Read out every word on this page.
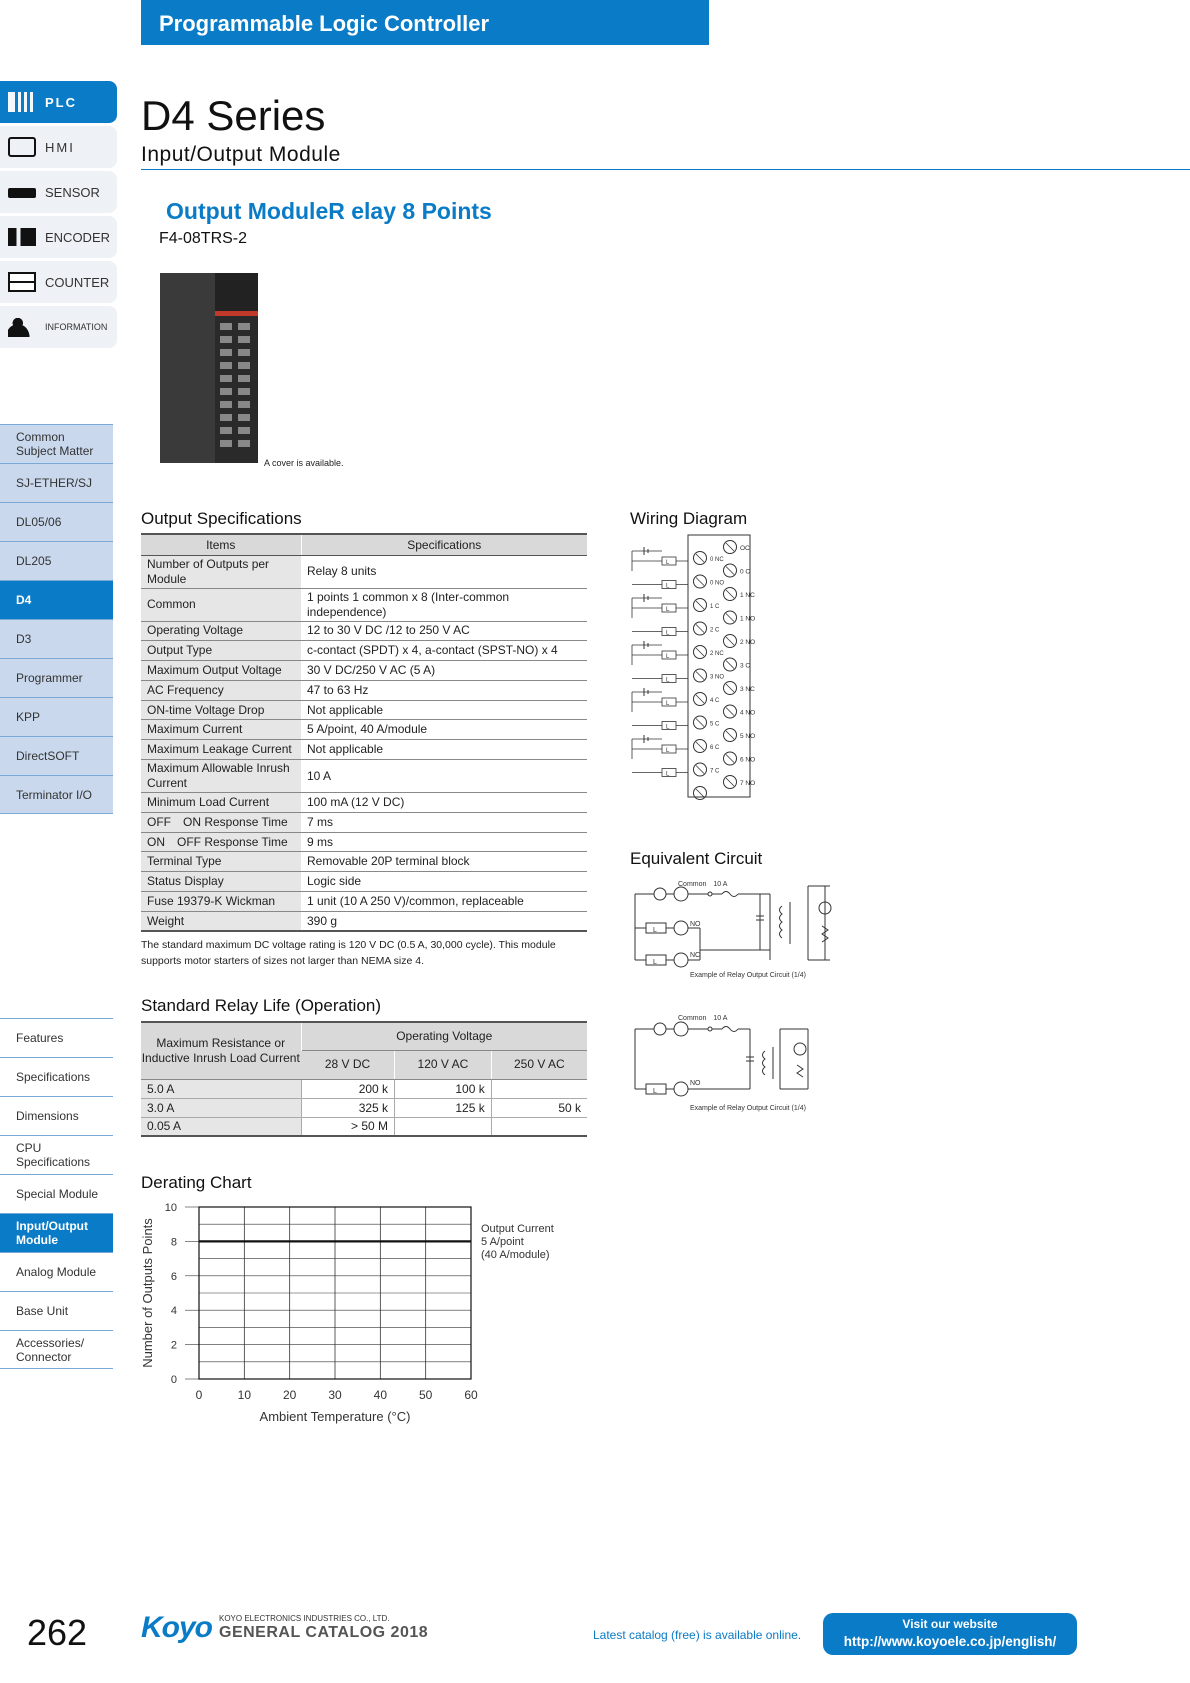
Programmable Logic Controller
PLC
HMI
SENSOR
ENCODER
COUNTER
INFORMATION
Common Subject Matter
SJ-ETHER/SJ
DL05/06
DL205
D4
D3
Programmer
KPP
DirectSOFT
Terminator I/O
Features
Specifications
Dimensions
CPU Specifications
Special Module
Input/Output Module
Analog Module
Base Unit
Accessories/ Connector
D4 Series
Input/Output Module
Output ModuleR elay 8 Points
F4-08TRS-2
A cover is available.
Output Specifications
Items	Specifications
Number of Outputs per Module	Relay 8 units
Common	1 points 1 common x 8 (Inter-common independence)
Operating Voltage	12 to 30 V DC /12 to 250 V AC
Output Type	c-contact (SPDT) x 4, a-contact (SPST-NO) x 4
Maximum Output Voltage	30 V DC/250 V AC (5 A)
AC Frequency	47 to 63 Hz
ON-time Voltage Drop	Not applicable
Maximum Current	5 A/point, 40 A/module
Maximum Leakage Current	Not applicable
Maximum Allowable Inrush Current	10 A
Minimum Load Current	100 mA (12 V DC)
OFF　ON Response Time	7 ms
ON　OFF Response Time	9 ms
Terminal Type	Removable 20P terminal block
Status Display	Logic side
Fuse 19379-K Wickman	1 unit (10 A 250 V)/common, replaceable
Weight	390 g
The standard maximum DC voltage rating is 120 V DC (0.5 A, 30,000 cycle). This module supports motor starters of sizes not larger than NEMA size 4.
Standard Relay Life (Operation)
Maximum Resistance or Inductive Inrush Load Current	Operating Voltage		
	28 V DC	120 V AC	250 V AC
5.0 A	200 k	100 k	
3.0 A	325 k	125 k	50 k
0.05 A	> 50 M		
Derating Chart
0	10	20	30	40	50	60
0
2
4
6
8
10
Ambient Temperature (°C)
Number of Outputs Points	Output Current
5 A/point
(40 A/module)
Wiring Diagram
OC
0 NC
0 C
0 NO
1 NC
1 C
1 NO
2 C
2 NO
2 NC
3 C
3 NO
3 NC
4 C
4 NO
5 C
5 NO
6 C
6 NO
7 C
7 NO
L
L
L
L
L
L
L
L
L
L
Equivalent Circuit
Common　10 A
NO
NC
L
L
Example of Relay Output Circuit (1/4)
Common　10 A
NO
L
Example of Relay Output Circuit (1/4)
262 Koyo KOYO ELECTRONICS INDUSTRIES CO., LTD.
GENERAL CATALOG 2018	Latest catalog (free) is available online.
Visit our website
http://www.koyoele.co.jp/english/
